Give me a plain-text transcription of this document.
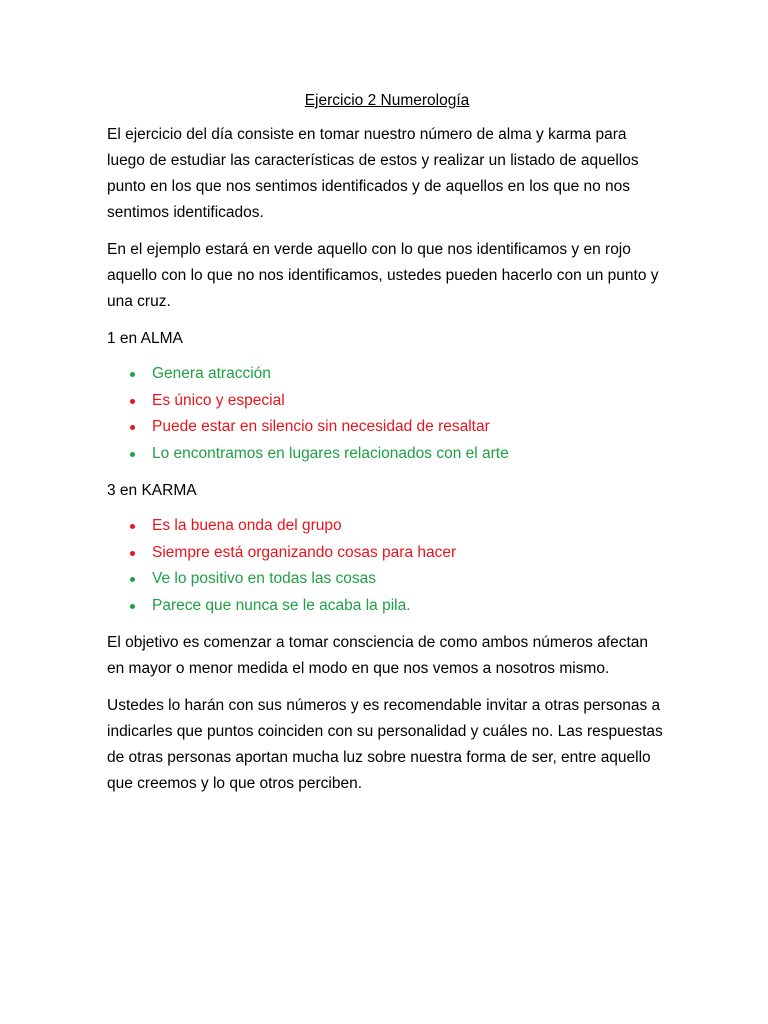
Ejercicio 2 Numerología

El ejercicio del día consiste en tomar nuestro número de alma y karma para luego de estudiar las características de estos y realizar un listado de aquellos punto en los que nos sentimos identificados y de aquellos en los que no nos sentimos identificados.

En el ejemplo estará en verde aquello con lo que nos identificamos y en rojo aquello con lo que no nos identificamos, ustedes pueden hacerlo con un punto y una cruz.

1 en ALMA

Genera atracción
Es único y especial
Puede estar en silencio sin necesidad de resaltar
Lo encontramos en lugares relacionados con el arte

3 en KARMA

Es la buena onda del grupo
Siempre está organizando cosas para hacer
Ve lo positivo en todas las cosas
Parece que nunca se le acaba la pila.

El objetivo es comenzar a tomar consciencia de como ambos números afectan en mayor o menor medida el modo en que nos vemos a nosotros mismo.

Ustedes lo harán con sus números y es recomendable invitar a otras personas a indicarles que puntos coinciden con su personalidad y cuáles no. Las respuestas de otras personas aportan mucha luz sobre nuestra forma de ser, entre aquello que creemos y lo que otros perciben.
